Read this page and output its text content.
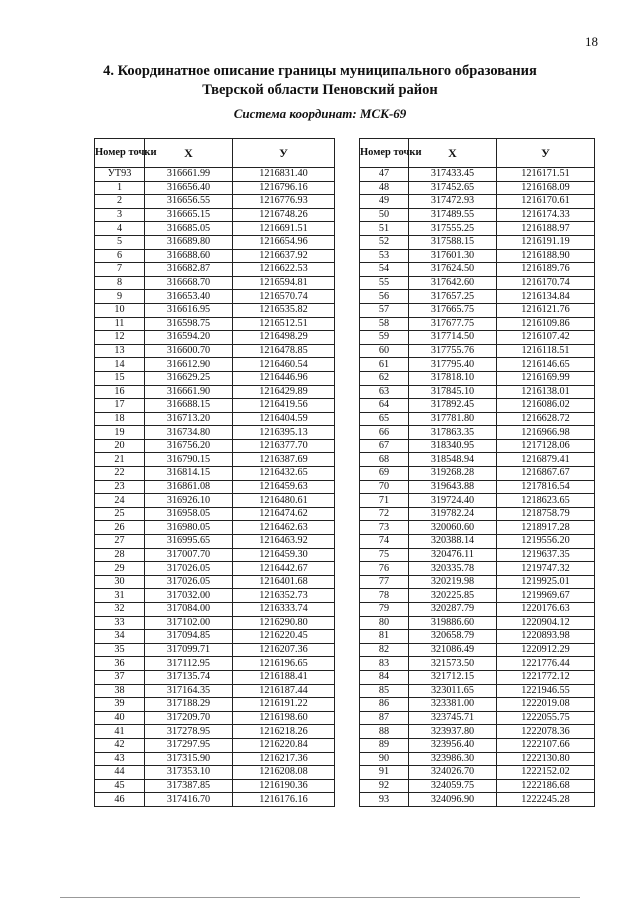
18
4. Координатное описание границы муниципального образования
Тверской области Пеновский район
Система координат: МСК-69
Номер точки	X	У
УТ93	316661.99	1216831.40
1	316656.40	1216796.16
2	316656.55	1216776.93
3	316665.15	1216748.26
4	316685.05	1216691.51
5	316689.80	1216654.96
6	316688.60	1216637.92
7	316682.87	1216622.53
8	316668.70	1216594.81
9	316653.40	1216570.74
10	316616.95	1216535.82
11	316598.75	1216512.51
12	316594.20	1216498.29
13	316600.70	1216478.85
14	316612.90	1216460.54
15	316629.25	1216446.96
16	316661.90	1216429.89
17	316688.15	1216419.56
18	316713.20	1216404.59
19	316734.80	1216395.13
20	316756.20	1216377.70
21	316790.15	1216387.69
22	316814.15	1216432.65
23	316861.08	1216459.63
24	316926.10	1216480.61
25	316958.05	1216474.62
26	316980.05	1216462.63
27	316995.65	1216463.92
28	317007.70	1216459.30
29	317026.05	1216442.67
30	317026.05	1216401.68
31	317032.00	1216352.73
32	317084.00	1216333.74
33	317102.00	1216290.80
34	317094.85	1216220.45
35	317099.71	1216207.36
36	317112.95	1216196.65
37	317135.74	1216188.41
38	317164.35	1216187.44
39	317188.29	1216191.22
40	317209.70	1216198.60
41	317278.95	1216218.26
42	317297.95	1216220.84
43	317315.90	1216217.36
44	317353.10	1216208.08
45	317387.85	1216190.36
46	317416.70	1216176.16
Номер точки	X	У
47	317433.45	1216171.51
48	317452.65	1216168.09
49	317472.93	1216170.61
50	317489.55	1216174.33
51	317555.25	1216188.97
52	317588.15	1216191.19
53	317601.30	1216188.90
54	317624.50	1216189.76
55	317642.60	1216170.74
56	317657.25	1216134.84
57	317665.75	1216121.76
58	317677.75	1216109.86
59	317714.50	1216107.42
60	317755.76	1216118.51
61	317795.40	1216146.65
62	317818.10	1216169.99
63	317845.10	1216138.01
64	317892.45	1216086.02
65	317781.80	1216628.72
66	317863.35	1216966.98
67	318340.95	1217128.06
68	318548.94	1216879.41
69	319268.28	1216867.67
70	319643.88	1217816.54
71	319724.40	1218623.65
72	319782.24	1218758.79
73	320060.60	1218917.28
74	320388.14	1219556.20
75	320476.11	1219637.35
76	320335.78	1219747.32
77	320219.98	1219925.01
78	320225.85	1219969.67
79	320287.79	1220176.63
80	319886.60	1220904.12
81	320658.79	1220893.98
82	321086.49	1220912.29
83	321573.50	1221776.44
84	321712.15	1221772.12
85	323011.65	1221946.55
86	323381.00	1222019.08
87	323745.71	1222055.75
88	323937.80	1222078.36
89	323956.40	1222107.66
90	323986.30	1222130.80
91	324026.70	1222152.02
92	324059.75	1222186.68
93	324096.90	1222245.28
